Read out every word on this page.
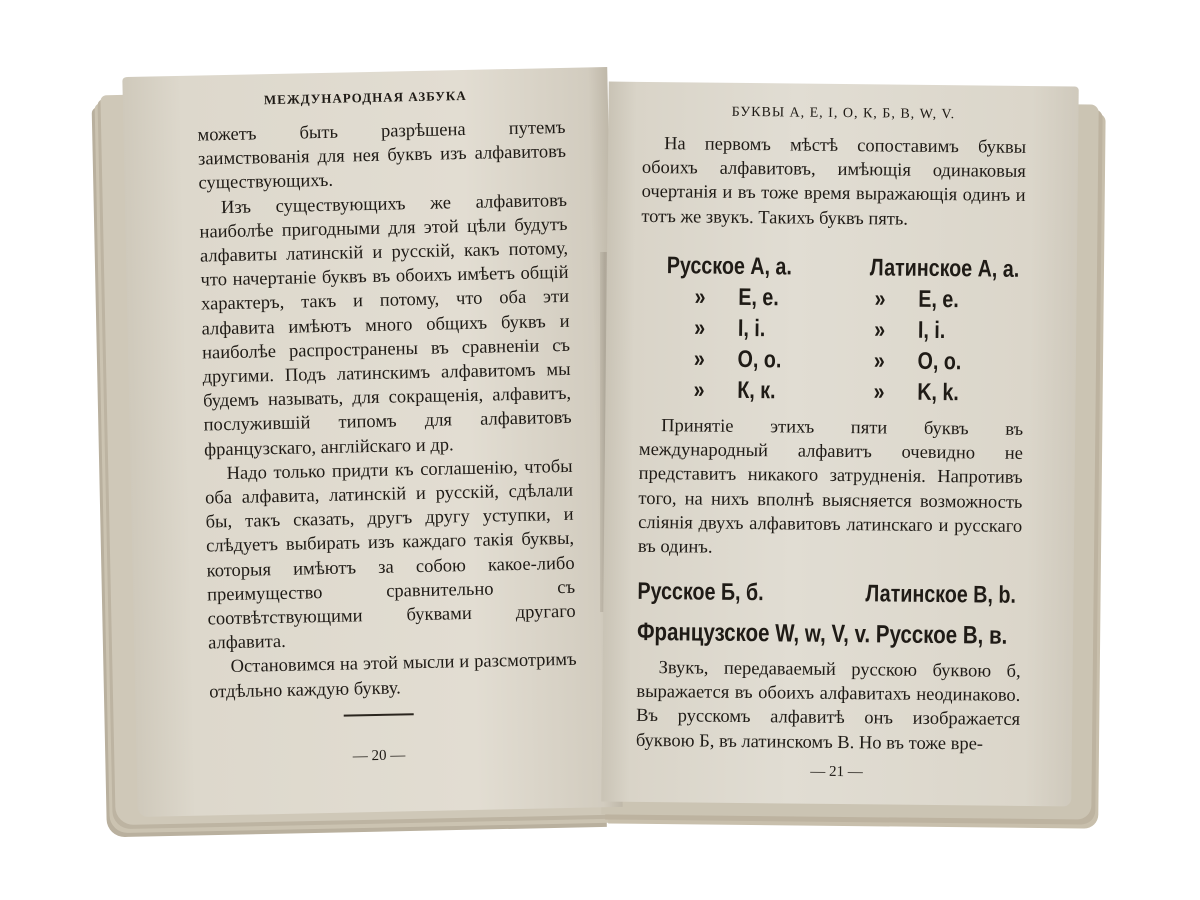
МЕЖДУНАРОДНАЯ АЗБУКА

можетъ быть разрѣшена путемъ заимствованія для нея буквъ изъ алфавитовъ существующихъ.

Изъ существующихъ же алфавитовъ наиболѣе пригодными для этой цѣли будутъ алфавиты латинскій и русскій, какъ потому, что начертаніе буквъ въ обоихъ имѣетъ общій характеръ, такъ и потому, что оба эти алфавита имѣютъ много общихъ буквъ и наиболѣе распространены въ сравненіи съ другими. Подъ латинскимъ алфавитомъ мы будемъ называть, для сокращенія, алфавитъ, послужившій типомъ для алфавитовъ французскаго, англійскаго и др.

Надо только придти къ соглашенію, чтобы оба алфавита, латинскій и русскій, сдѣлали бы, такъ сказать, другъ другу уступки, и слѣдуетъ выбирать изъ каждаго такія буквы, которыя имѣютъ за собою какое-либо преимущество сравнительно съ соотвѣтствующими буквами другаго алфавита.

Остановимся на этой мысли и разсмотримъ отдѣльно каждую букву.

— 20 —
БУКВЫ А, Е, I, О, К, Б, В, W, V.

На первомъ мѣстѣ сопоставимъ буквы обоихъ алфавитовъ, имѣющія одинаковыя очертанія и въ тоже время выражающія одинъ и тотъ же звукъ. Такихъ буквъ пять.

Русское А, а.	Латинское А, a.
»      Е, е.	»      E, e.
»      I, i.	»      I, i.
»      О, о.	»      O, o.
»      К, к.	»      K, k.

Принятіе этихъ пяти буквъ въ международный алфавитъ очевидно не представитъ никакого затрудненія. Напротивъ того, на нихъ вполнѣ выясняется возможность слiянія двухъ алфавитовъ латинскаго и русскаго въ одинъ.

Русское Б, б.	Латинское B, b.
Французское W, w, V, v. Русское В, в.

Звукъ, передаваемый русскою буквою б, выражается въ обоихъ алфавитахъ неодинаково. Въ русскомъ алфавитѣ онъ изображается буквою Б, въ латинскомъ B. Но въ тоже вре-

— 21 —
